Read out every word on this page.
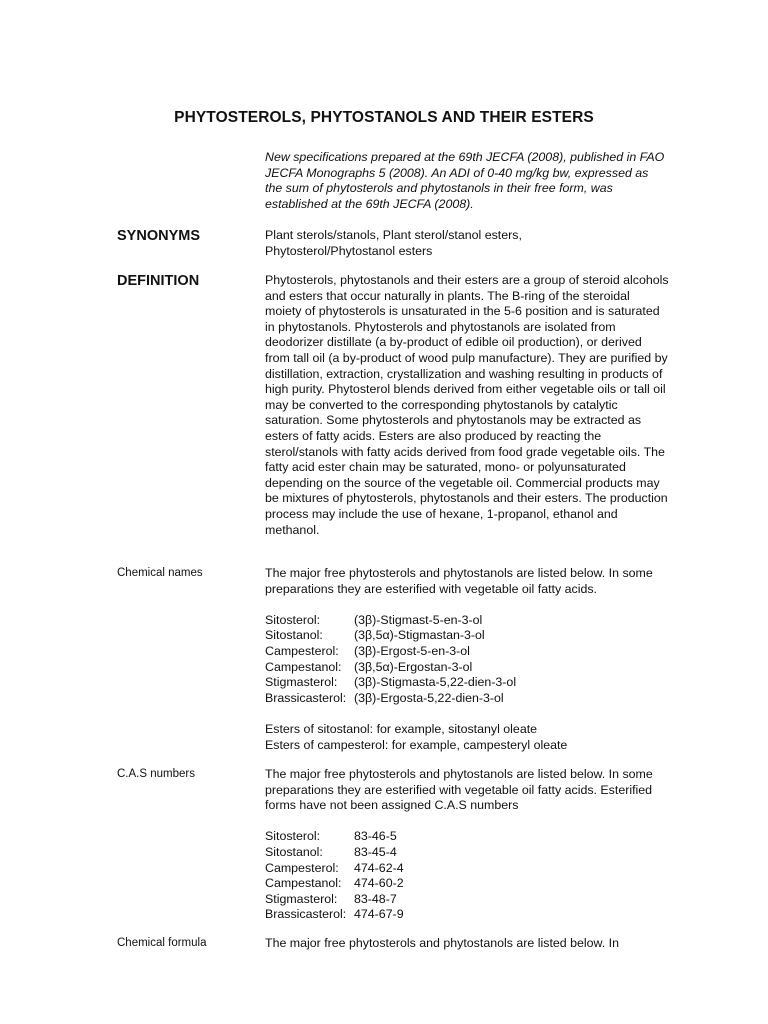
PHYTOSTEROLS, PHYTOSTANOLS AND THEIR ESTERS
New specifications prepared at the 69th JECFA (2008), published in FAO JECFA Monographs 5 (2008). An ADI of 0-40 mg/kg bw, expressed as the sum of phytosterols and phytostanols in their free form, was established at the 69th JECFA (2008).
SYNONYMS	Plant sterols/stanols, Plant sterol/stanol esters,

Phytosterol/Phytostanol esters

DEFINITION	Phytosterols, phytostanols and their esters are a group of steroid alcohols and esters that occur naturally in plants. The B-ring of the steroidal moiety of phytosterols is unsaturated in the 5-6 position and is saturated in phytostanols. Phytosterols and phytostanols are isolated from deodorizer distillate (a by-product of edible oil production), or derived from tall oil (a by-product of wood pulp manufacture). They are purified by distillation, extraction, crystallization and washing resulting in products of high purity. Phytosterol blends derived from either vegetable oils or tall oil may be converted to the corresponding phytostanols by catalytic saturation. Some phytosterols and phytostanols may be extracted as esters of fatty acids. Esters are also produced by reacting the sterol/stanols with fatty acids derived from food grade vegetable oils. The fatty acid ester chain may be saturated, mono- or polyunsaturated depending on the source of the vegetable oil. Commercial products may be mixtures of phytosterols, phytostanols and their esters. The production process may include the use of hexane, 1-propanol, ethanol and methanol.
Chemical names	The major free phytosterols and phytostanols are listed below. In some preparations they are esterified with vegetable oil fatty acids.

Sitosterol:	(3β)-Stigmast-5-en-3-ol
Sitostanol:	(3β,5α)-Stigmastan-3-ol
Campesterol:	(3β)-Ergost-5-en-3-ol
Campestanol:	(3β,5α)-Ergostan-3-ol
Stigmasterol:	(3β)-Stigmasta-5,22-dien-3-ol
Brassicasterol: (3β)-Ergosta-5,22-dien-3-ol

Esters of sitostanol: for example, sitostanyl oleate

Esters of campesterol: for example, campesteryl oleate

C.A.S numbers	The major free phytosterols and phytostanols are listed below. In some preparations they are esterified with vegetable oil fatty acids. Esterified forms have not been assigned C.A.S numbers

Sitosterol:	83-46-5
Sitostanol:	83-45-4
Campesterol:	474-62-4
Campestanol:	474-60-2
Stigmasterol:	83-48-7
Brassicasterol: 474-67-9
Chemical formula	The major free phytosterols and phytostanols are listed below. In
